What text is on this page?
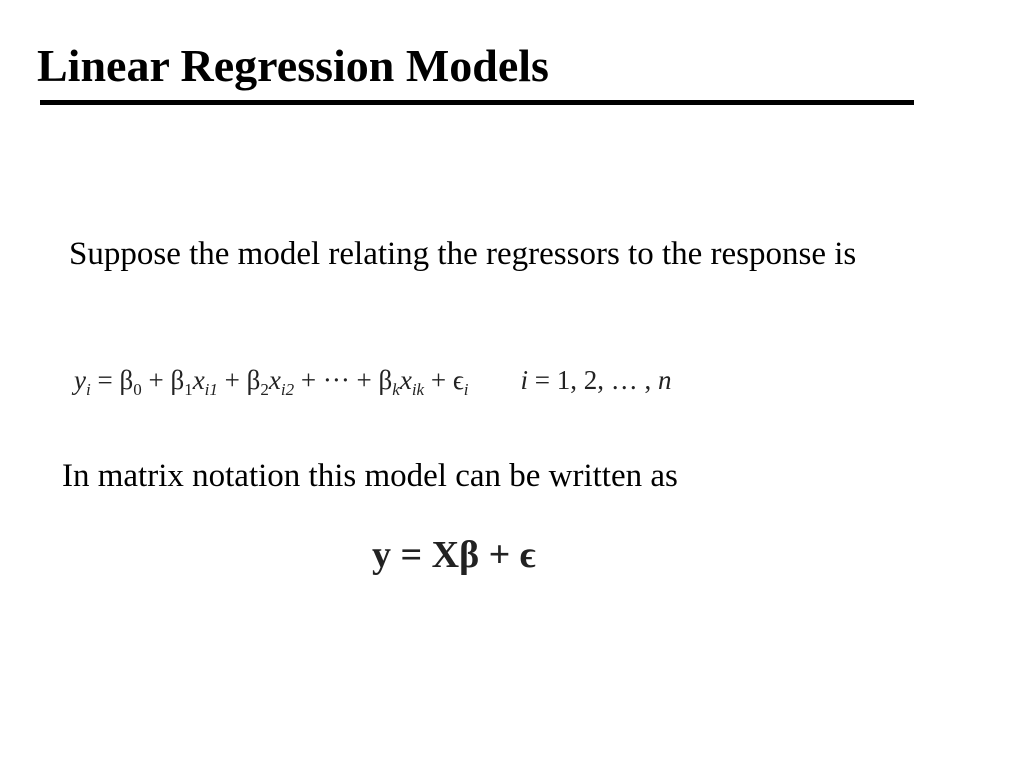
Linear Regression Models
Suppose the model relating the regressors to the response is
$y_i = \beta_0 + \beta_1x_{i1} + \beta_2x_{i2}$ + ··· + $\beta_kx_{ik} + \epsilon_i$ i = 1, 2, … , n
In matrix notation this model can be written as
y = Xβ + ϵ
